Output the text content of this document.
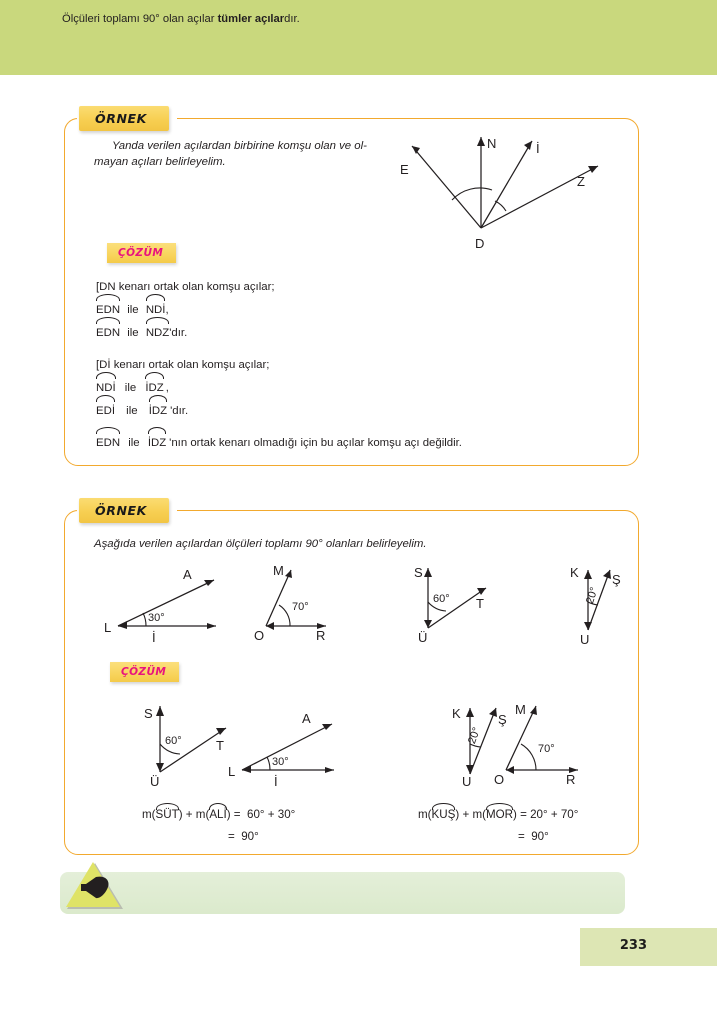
ÖRNEK
Yanda verilen açılardan birbirine komşu olan ve ol-
mayan açıları belirleyelim.	E
N	İ
Z
D
ÇÖZÜM
[DN kenarı ortak olan komşu açılar;
EDN ile NDİ,
EDN ile NDZ'dır.
[Dİ kenarı ortak olan komşu açılar;
NDİ ile İDZ ,
EDİ ile İDZ 'dır.
EDN ile İDZ 'nın ortak kenarı olmadığı için bu açılar komşu açı değildir.
ÖRNEK
Aşağıda verilen açılardan ölçüleri toplamı 90° olanları belirleyelim.
L
A
İ
30°
O
M
R
70°
Ü
S
T
60°
U
K	Ş
20°
ÇÖZÜM
Ü
S
T
60°
L
A
İ
30°
U
K	Ş
20°
O
M
R
70°
m(
SÜT) + m(
ALİ) =  60° + 30°
=  90°
m(
KUŞ) + m(
MOR) = 20° + 70°
=  90°
Ölçüleri toplamı 90° olan açılar tümler açılardır.
233
